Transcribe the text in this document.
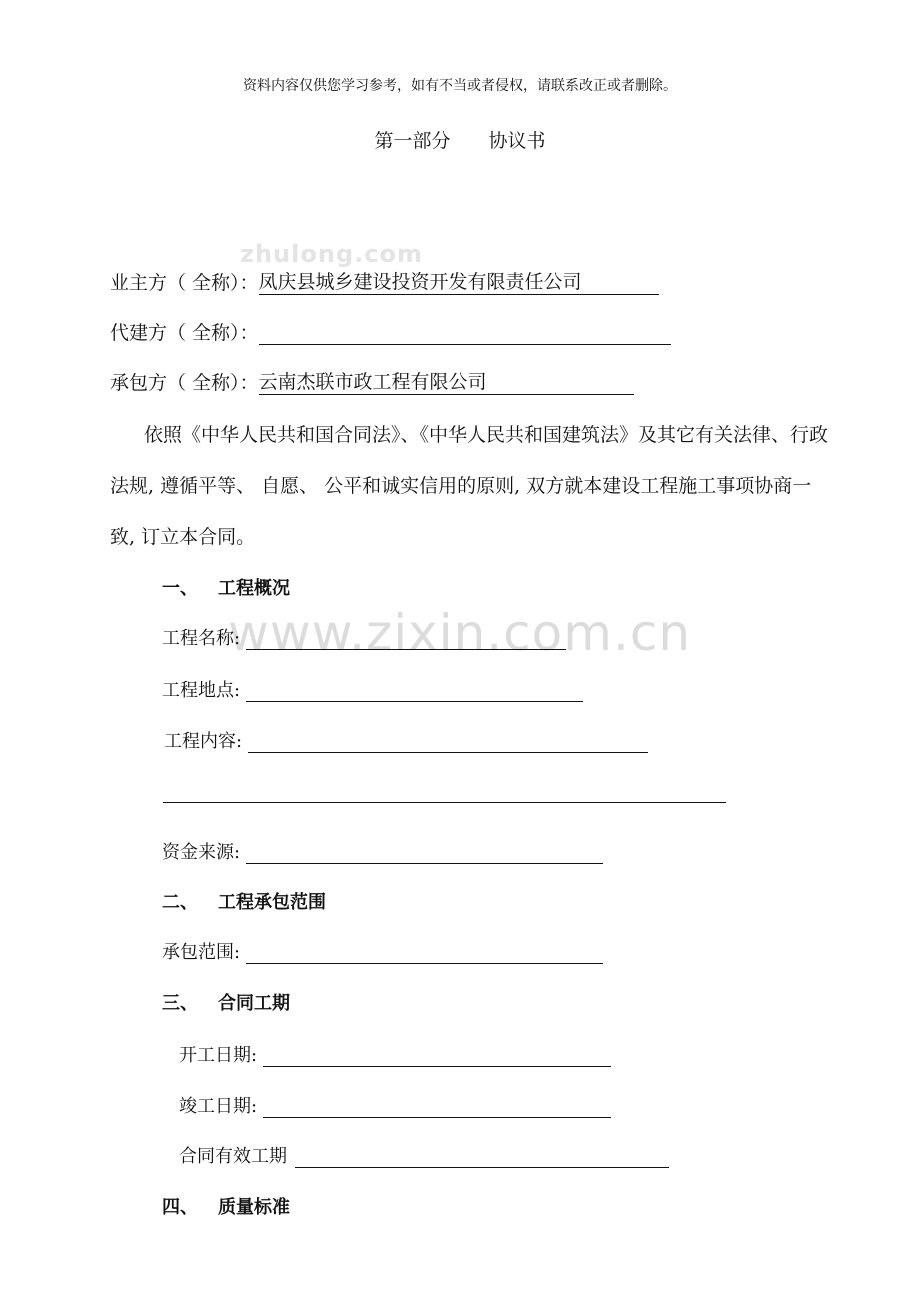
资料内容仅供您学习参考，如有不当或者侵权，请联系改正或者删除。
第一部分 协议书
zhulong.com
业主方（ 全称）： 凤庆县城乡建设投资开发有限责任公司
代建方（ 全称）：
承包方（ 全称）： 云南杰联市政工程有限公司
依照《中华人民共和国合同法》、《中华人民共和国建筑法》及其它有关法律、行政法规, 遵循平等、 自愿、 公平和诚实信用的原则, 双方就本建设工程施工事项协商一致, 订立本合同。
一、 工程概况
www.zixin.com.cn
工程名称:
工程地点:
工程内容:
资金来源:
二、 工程承包范围
承包范围:
三、 合同工期
开工日期:
竣工日期:
合同有效工期
四、 质量标准
